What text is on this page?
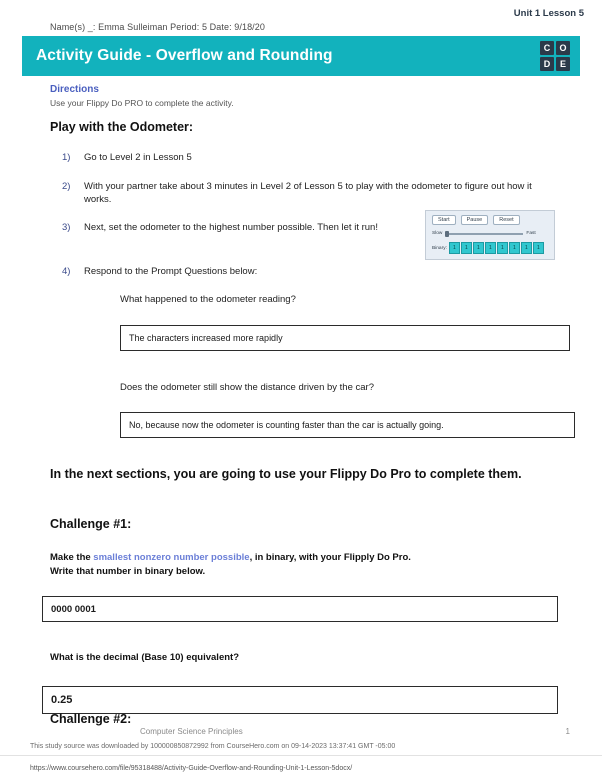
Unit 1 Lesson 5
Name(s) _: Emma Sulleiman Period: 5 Date: 9/18/20
Activity Guide - Overflow and Rounding	C	O
D	E
Directions
Use your Flippy Do PRO to complete the activity.
Play with the Odometer:
1) Go to Level 2 in Lesson 5
2) With your partner take about 3 minutes in Level 2 of Lesson 5 to play with the odometer to figure out how it works.
3) Next, set the odometer to the highest number possible. Then let it run!
4) Respond to the Prompt Questions below:
Start	Pause	Reset
Slow	Fast
Binary:	1	1	1	1	1	1	1	1
What happened to the odometer reading?
The characters increased more rapidly
Does the odometer still show the distance driven by the car?
No, because now the odometer is counting faster than the car is actually going.
In the next sections, you are going to use your Flippy Do Pro to complete them.
Challenge #1:
Make the smallest nonzero number possible, in binary, with your Flipply Do Pro.
Write that number in binary below.
0000 0001
What is the decimal (Base 10) equivalent?
0.25
Challenge #2:
Computer Science Principles	1
This study source was downloaded by 100000850872992 from CourseHero.com on 09-14-2023 13:37:41 GMT -05:00
https://www.coursehero.com/file/95318488/Activity-Guide-Overflow-and-Rounding-Unit-1-Lesson-5docx/
